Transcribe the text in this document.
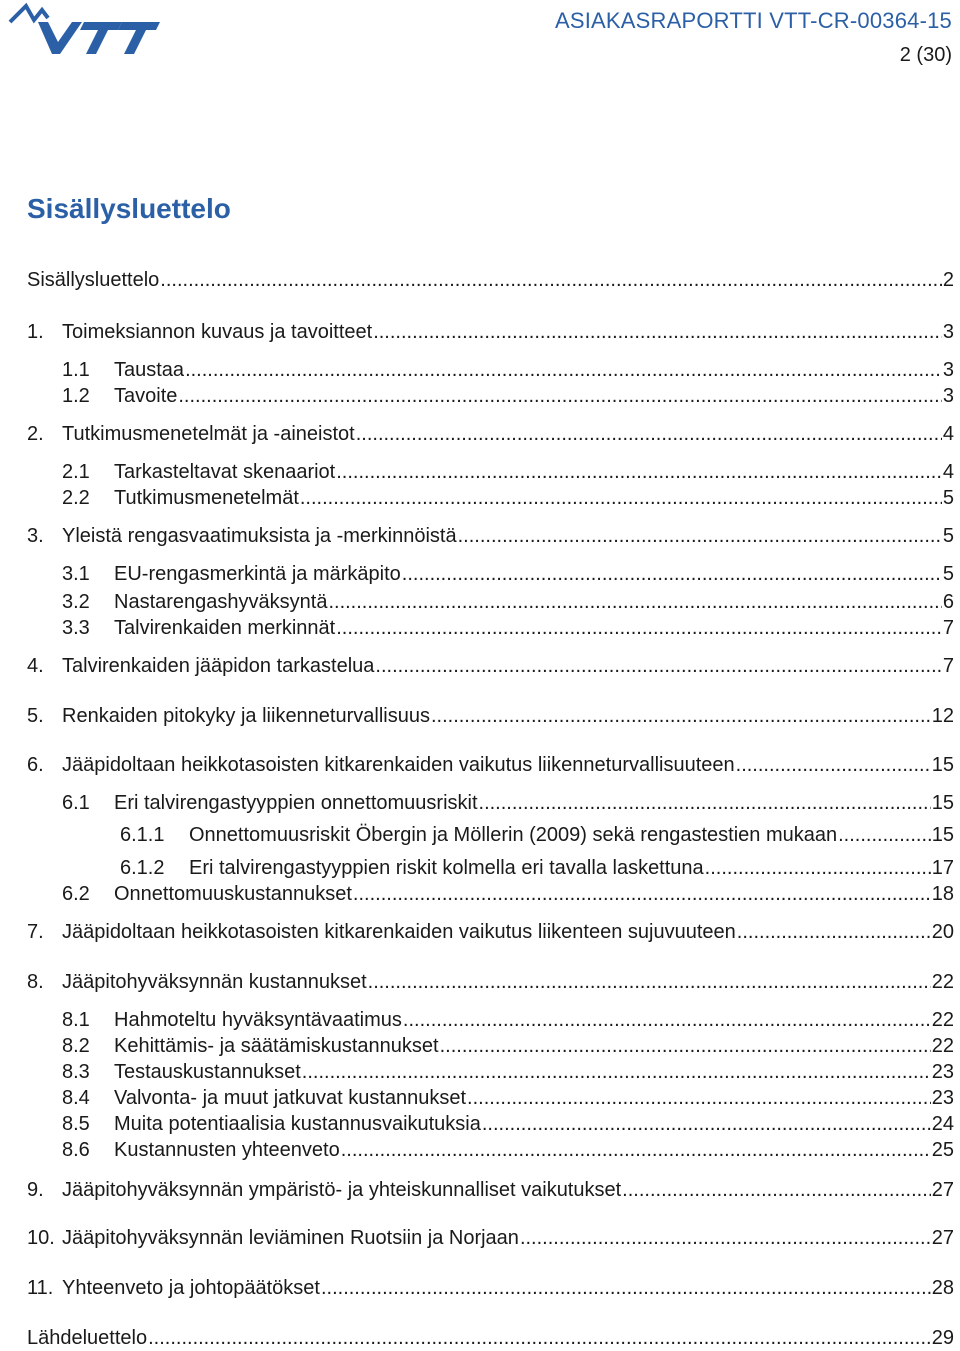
ASIAKASRAPORTTI VTT-CR-00364-15
2 (30)
Sisällysluettelo
Sisällysluettelo .....	2
1. Toimeksiannon kuvaus ja tavoitteet .....	3
1.1 Taustaa .....	3
1.2 Tavoite .....	3
2. Tutkimusmenetelmät ja -aineistot .....	4
2.1 Tarkasteltavat skenaariot .....	4
2.2 Tutkimusmenetelmät .....	5
3. Yleistä rengasvaatimuksista ja -merkinnöistä .....	5
3.1 EU-rengasmerkintä ja märkäpito .....	5
3.2 Nastarengashyväksyntä .....	6
3.3 Talvirenkaiden merkinnät .....	7
4. Talvirenkaiden jääpidon tarkastelua .....	7
5. Renkaiden pitokyky ja liikenneturvallisuus .....	12
6. Jääpidoltaan heikkotasoisten kitkarenkaiden vaikutus liikenneturvallisuuteen .....	15
6.1 Eri talvirengastyyppien onnettomuusriskit .....	15
6.1.1 Onnettomuusriskit Öbergin ja Möllerin (2009) sekä rengastestien mukaan .....	15
6.1.2 Eri talvirengastyyppien riskit kolmella eri tavalla laskettuna .....	17
6.2 Onnettomuuskustannukset .....	18
7. Jääpidoltaan heikkotasoisten kitkarenkaiden vaikutus liikenteen sujuvuuteen .....	20
8. Jääpitohyväksynnän kustannukset .....	22
8.1 Hahmoteltu hyväksyntävaatimus .....	22
8.2 Kehittämis- ja säätämiskustannukset .....	22
8.3 Testauskustannukset .....	23
8.4 Valvonta- ja muut jatkuvat kustannukset .....	23
8.5 Muita potentiaalisia kustannusvaikutuksia .....	24
8.6 Kustannusten yhteenveto .....	25
9. Jääpitohyväksynnän ympäristö- ja yhteiskunnalliset vaikutukset .....	27
10. Jääpitohyväksynnän leviäminen Ruotsiin ja Norjaan .....	27
11. Yhteenveto ja johtopäätökset .....	28
Lähdeluettelo .....	29
